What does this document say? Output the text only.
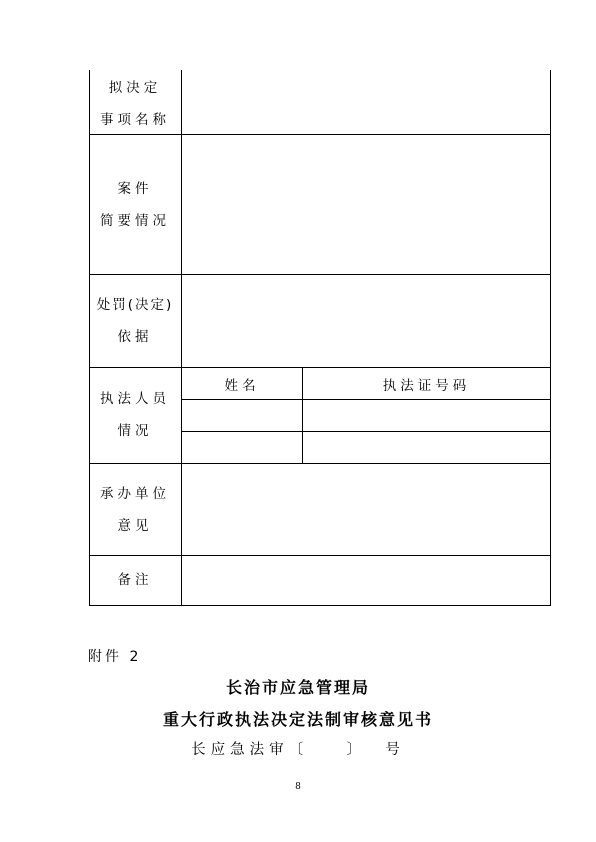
拟决定
事项名称
案件
简要情况
处罚(决定)
依据
执法人员
情况
姓名	执法证号码
承办单位
意见
备注
附件 2
长治市应急管理局
重大行政执法决定法制审核意见书
长应急法审〔    〕  号
8
